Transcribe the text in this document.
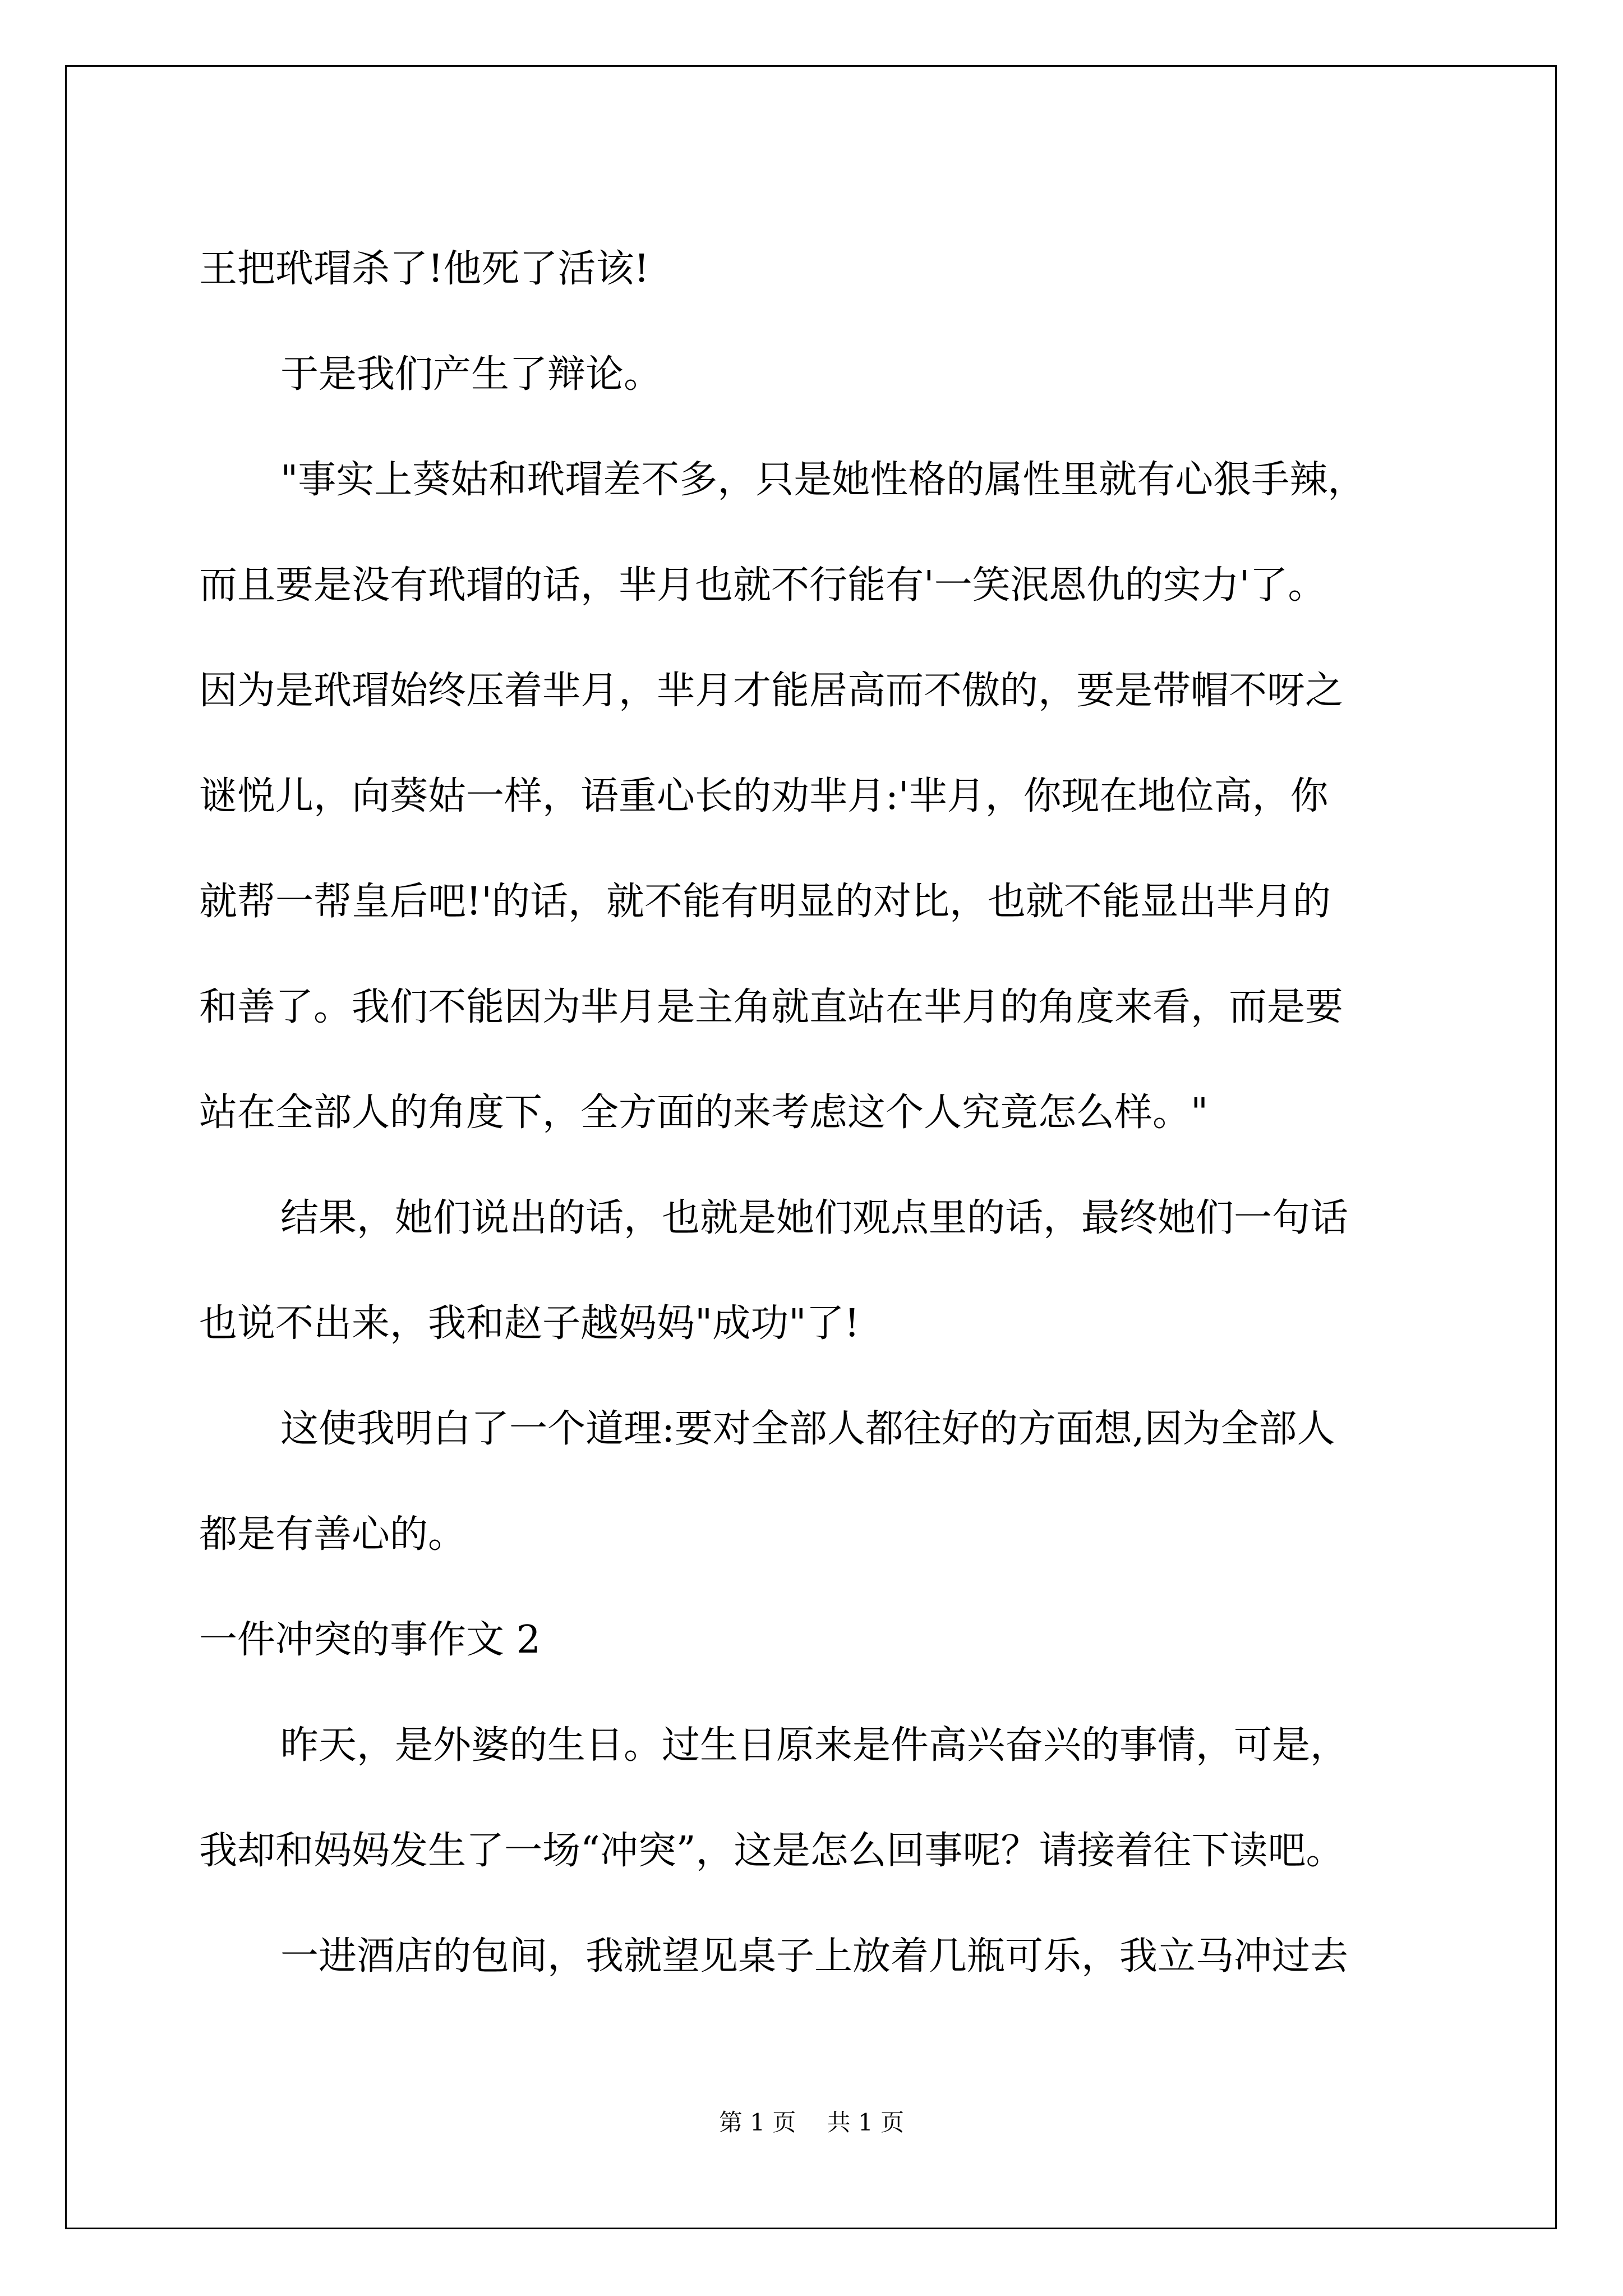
王把玳瑁杀了!他死了活该!
于是我们产生了辩论。
"事实上葵姑和玳瑁差不多，只是她性格的属性里就有心狠手辣，
而且要是没有玳瑁的话，芈月也就不行能有'一笑泯恩仇的实力'了。
因为是玳瑁始终压着芈月，芈月才能居高而不傲的，要是带帽不呀之
谜悦儿，向葵姑一样，语重心长的劝芈月:'芈月，你现在地位高，你
就帮一帮皇后吧!'的话，就不能有明显的对比，也就不能显出芈月的
和善了。我们不能因为芈月是主角就直站在芈月的角度来看，而是要
站在全部人的角度下，全方面的来考虑这个人究竟怎么样。"
结果，她们说出的话，也就是她们观点里的话，最终她们一句话
也说不出来，我和赵子越妈妈"成功"了!
这使我明白了一个道理:要对全部人都往好的方面想,因为全部人
都是有善心的。
一件冲突的事作文 2
昨天，是外婆的生日。过生日原来是件高兴奋兴的事情，可是，
我却和妈妈发生了一场“冲突”，这是怎么回事呢？请接着往下读吧。
一进酒店的包间，我就望见桌子上放着几瓶可乐，我立马冲过去
第 1 页　 共 1 页
